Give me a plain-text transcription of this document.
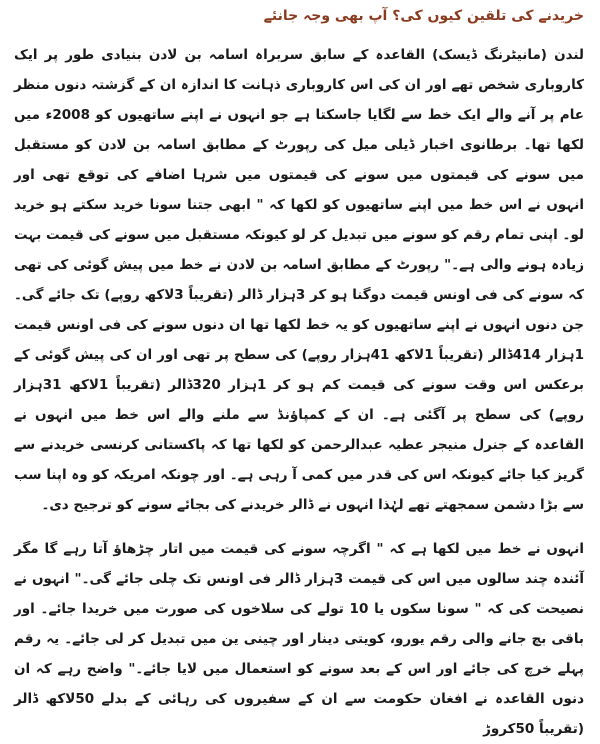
خریدنے کی تلقین کیوں کی؟ آپ بھی وجہ جانئے

لندن (مانیٹرنگ ڈیسک) القاعدہ کے سابق سربراہ اسامہ بن لادن بنیادی طور پر ایک کاروباری شخص تھے اور ان کی اس کاروباری ذہانت کا اندازہ ان کے گزشتہ دنوں منظر عام پر آنے والے ایک خط سے لگایا جاسکتا ہے جو انہوں نے اپنے ساتھیوں کو 2008ء میں لکھا تھا۔ برطانوی اخبار ڈیلی میل کی رپورٹ کے مطابق اسامہ بن لادن کو مستقبل میں سونے کی قیمتوں میں سونے کی قیمتوں میں شرہا اضافے کی توقع تھی اور انہوں نے اس خط میں اپنے ساتھیوں کو لکھا کہ " ابھی جتنا سونا خرید سکتے ہو خرید لو۔ اپنی تمام رقم کو سونے میں تبدیل کر لو کیونکہ مستقبل میں سونے کی قیمت بہت زیادہ ہونے والی ہے۔" رپورٹ کے مطابق اسامہ بن لادن نے خط میں پیش گوئی کی تھی کہ سونے کی فی اونس قیمت دوگنا ہو کر 3ہزار ڈالر (تقریباً 3لاکھ روپے) تک جائے گی۔ جن دنوں انہوں نے اپنے ساتھیوں کو یہ خط لکھا تھا ان دنوں سونے کی فی اونس قیمت 1ہزار 414ڈالر (تقریباً 1لاکھ 41ہزار روپے) کی سطح پر تھی اور ان کی پیش گوئی کے برعکس اس وقت سونے کی قیمت کم ہو کر 1ہزار 320ڈالر (تقریباً 1لاکھ 31ہزار روپے) کی سطح پر آگئی ہے۔ ان کے کمپاؤنڈ سے ملنے والے اس خط میں انہوں نے القاعدہ کے جنرل منیجر عطیہ عبدالرحمن کو لکھا تھا کہ پاکستانی کرنسی خریدنے سے گریز کیا جائے کیونکہ اس کی قدر میں کمی آ رہی ہے۔ اور چونکہ امریکہ کو وہ اپنا سب سے بڑا دشمن سمجھتے تھے لہٰذا انہوں نے ڈالر خریدنے کی بجائے سونے کو ترجیح دی۔

انہوں نے خط میں لکھا ہے کہ " اگرچہ سونے کی قیمت میں اتار چڑھاؤ آتا رہے گا مگر آئندہ چند سالوں میں اس کی قیمت 3ہزار ڈالر فی اونس تک چلی جائے گی۔" انہوں نے نصیحت کی کہ " سونا سکوں یا 10 تولے کی سلاخوں کی صورت میں خریدا جائے۔ اور باقی بچ جانے والی رقم یورو، کویتی دینار اور چینی ین میں تبدیل کر لی جائے۔ یہ رقم پہلے خرچ کی جائے اور اس کے بعد سونے کو استعمال میں لایا جائے۔" واضح رہے کہ ان دنوں القاعدہ نے افغان حکومت سے ان کے سفیروں کی رہائی کے بدلے 50لاکھ ڈالر (تقریباً 50کروڑ
